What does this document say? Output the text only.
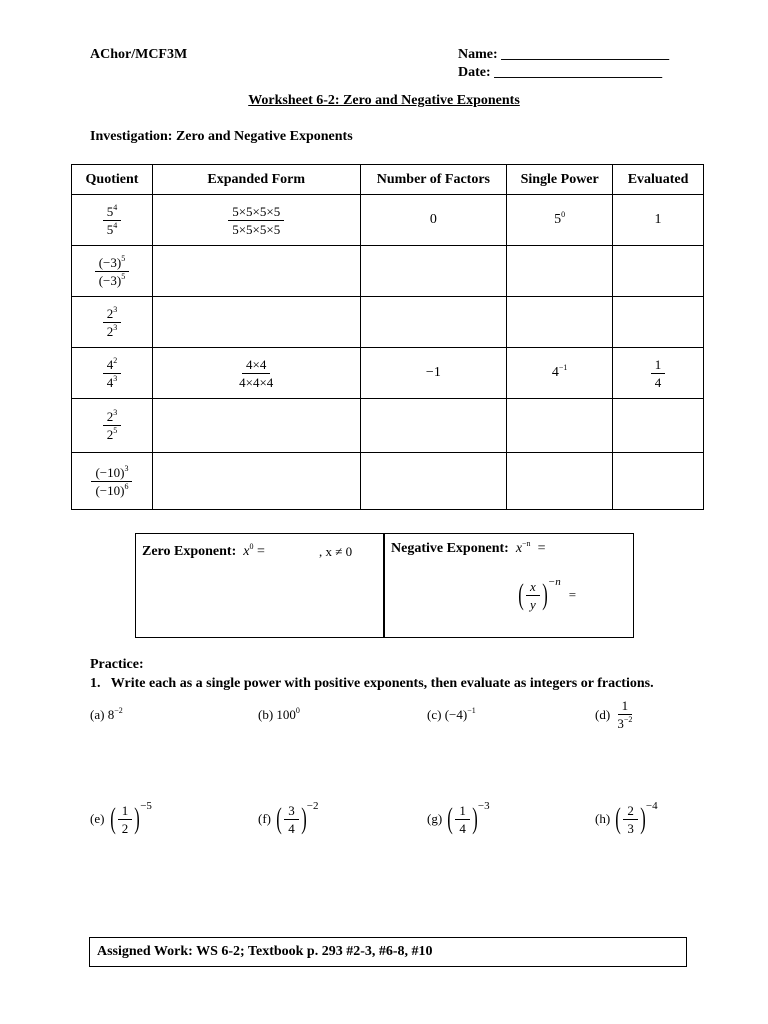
AChor/MCF3M	Name: ________________________
Date: ________________________
Worksheet 6-2: Zero and Negative Exponents
Investigation: Zero and Negative Exponents
Quotient	Expanded Form	Number of Factors	Single Power	Evaluated

$\frac{5^4}{5^4}$	$\frac{5\times 5\times 5\times 5}{5\times 5\times 5\times 5}$	0	$5^0$	1

$\frac{(-3)^5}{(-3)^5}$

$\frac{2^3}{2^3}$

$\frac{4^2}{4^3}$	$\frac{4\times 4}{4\times 4\times 4}$	−1	$4^{-1}$	$\frac{1}{4}$

$\frac{2^3}{2^5}$

$\frac{(-10)^3}{(-10)^6}$

Zero Exponent: $x^0$ =	, x ≠ 0	Negative Exponent: $x^{-n}$ =
( $\frac{x}{y}$ ) −n
=
Practice:
1.   Write each as a single power with positive exponents, then evaluate as integers or fractions.
(a) $8^{-2}$	(b) $100^0$	(c) $(-4)^{-1}$	(d)
$\frac{1}{3^{-2}}$
(e)
( $\frac{1}{2}$ ) −5
(f)
( $\frac{3}{4}$ ) −2
(g)
( $\frac{1}{4}$ ) −3
(h)
( $\frac{2}{3}$ ) −4
Assigned Work: WS 6-2; Textbook p. 293 #2-3, #6-8, #10
